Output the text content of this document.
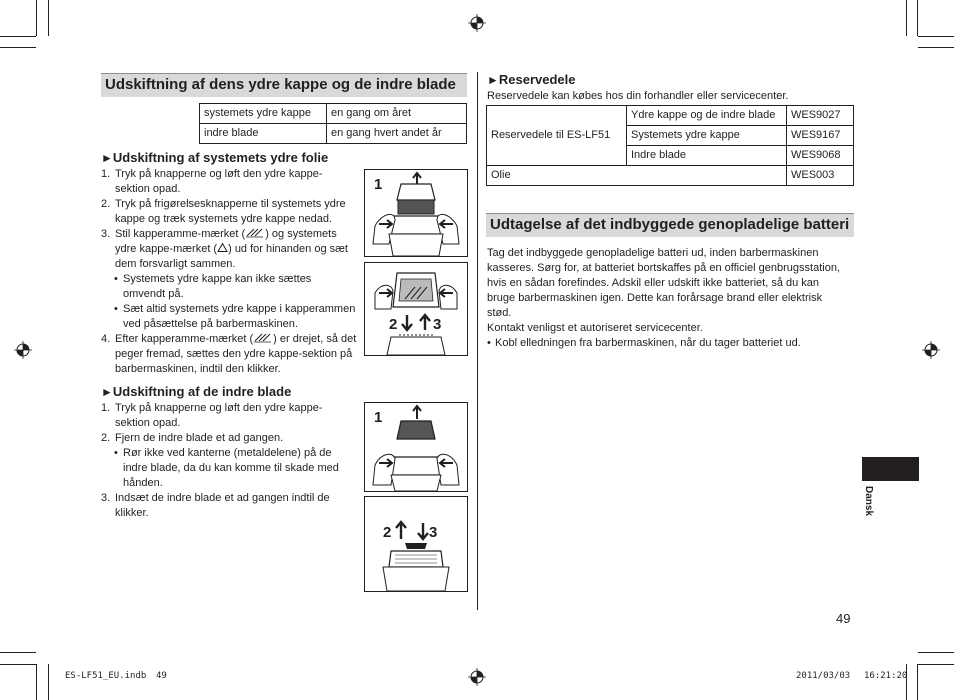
Udskiftning af dens ydre kappe og de indre blade
systemets ydre kappe	en gang om året
indre blade	en gang hvert andet år
►Udskiftning af systemets ydre folie
1. Tryk på knapperne og løft den ydre kappe-
sektion opad.
2. Tryk på frigørelsesknapperne til systemets ydre
kappe og træk systemets ydre kappe nedad.
3. Stil kapperamme-mærket ( ) og systemets
ydre kappe-mærket ( ) ud for hinanden og sæt
dem forsvarligt sammen.
• Systemets ydre kappe kan ikke sættes
omvendt på.
• Sæt altid systemets ydre kappe i kapperammen
ved påsættelse på barbermaskinen.
4. Efter kapperamme-mærket ( ) er drejet, så det
peger fremad, sættes den ydre kappe-sektion på
barbermaskinen, indtil den klikker.
1
2 3
►Udskiftning af de indre blade
1. Tryk på knapperne og løft den ydre kappe-
sektion opad.
2. Fjern de indre blade et ad gangen.
• Rør ikke ved kanterne (metaldelene) på de
indre blade, da du kan komme til skade med
hånden.
3. Indsæt de indre blade et ad gangen indtil de
klikker.
1
2	3
►Reservedele
Reservedele kan købes hos din forhandler eller servicecenter.
Reservedele til ES-LF51	Ydre kappe og de indre blade	WES9027
	Systemets ydre kappe	WES9167
	Indre blade	WES9068
Olie		WES003
Udtagelse af det indbyggede genopladelige batteri
Tag det indbyggede genopladelige batteri ud, inden barbermaskinen
kasseres. Sørg for, at batteriet bortskaffes på en officiel genbrugsstation,
hvis en sådan forefindes. Adskil eller udskift ikke batteriet, så du kan
bruge barbermaskinen igen. Dette kan forårsage brand eller elektrisk
stød.
Kontakt venligst et autoriseret servicecenter.
• Kobl elledningen fra barbermaskinen, når du tager batteriet ud.
Dansk
49
ES-LF51_EU.indb 49	2011/03/03 16:21:20
